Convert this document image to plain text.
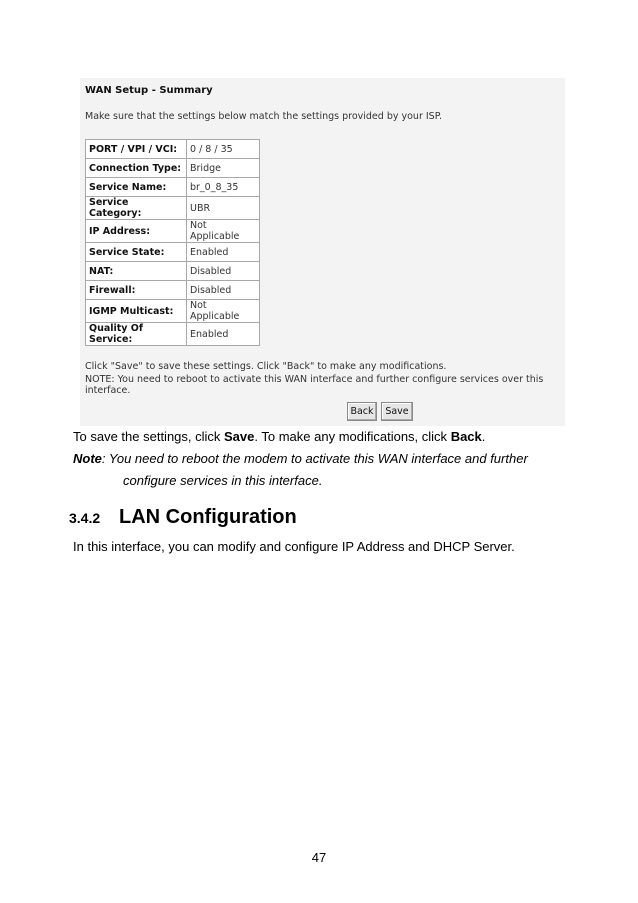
WAN Setup - Summary
Make sure that the settings below match the settings provided by your ISP.
PORT / VPI / VCI:	0 / 8 / 35
Connection Type:	Bridge
Service Name:	br_0_8_35
Service Category:	UBR
IP Address:	Not Applicable
Service State:	Enabled
NAT:	Disabled
Firewall:	Disabled
IGMP Multicast:	Not Applicable
Quality Of Service:	Enabled
Click "Save" to save these settings. Click "Back" to make any modifications.
NOTE: You need to reboot to activate this WAN interface and further configure services over this interface.
Back	Save
To save the settings, click Save. To make any modifications, click Back.
Note: You need to reboot the modem to activate this WAN interface and further
configure services in this interface.
3.4.2 LAN Configuration
In this interface, you can modify and configure IP Address and DHCP Server.
47
